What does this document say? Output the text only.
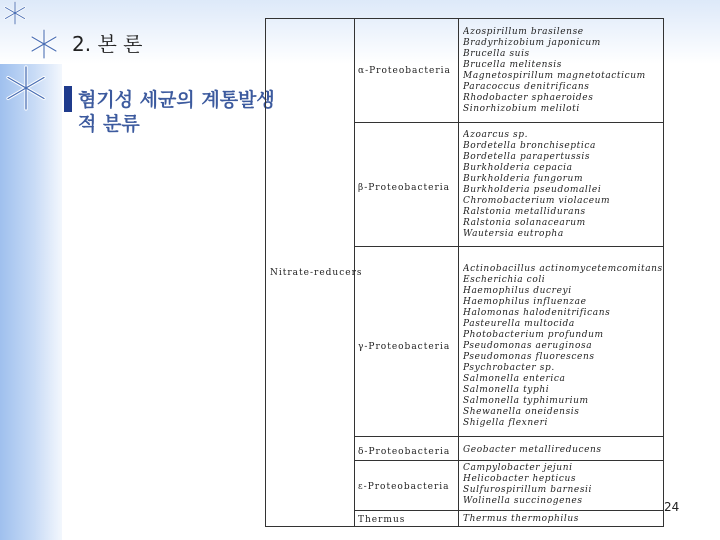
2. 본 론
혐기성 세균의 계통발생적 분류
Nitrate-reducers
α-Proteobacteria
β-Proteobacteria
γ-Proteobacteria
δ-Proteobacteria
ε-Proteobacteria
Thermus
Azospirillum brasilense
Bradyrhizobium japonicum
Brucella suis
Brucella melitensis
Magnetospirillum magnetotacticum
Paracoccus denitrificans
Rhodobacter sphaeroides
Sinorhizobium meliloti
Azoarcus sp.
Bordetella bronchiseptica
Bordetella parapertussis
Burkholderia cepacia
Burkholderia fungorum
Burkholderia pseudomallei
Chromobacterium violaceum
Ralstonia metallidurans
Ralstonia solanacearum
Wautersia eutropha
Actinobacillus actinomycetemcomitans
Escherichia coli
Haemophilus ducreyi
Haemophilus influenzae
Halomonas halodenitrificans
Pasteurella multocida
Photobacterium profundum
Pseudomonas aeruginosa
Pseudomonas fluorescens
Psychrobacter sp.
Salmonella enterica
Salmonella typhi
Salmonella typhimurium
Shewanella oneidensis
Shigella flexneri
Geobacter metallireducens
Campylobacter jejuni
Helicobacter hepticus
Sulfurospirillum barnesii
Wolinella succinogenes
Thermus thermophilus
24
